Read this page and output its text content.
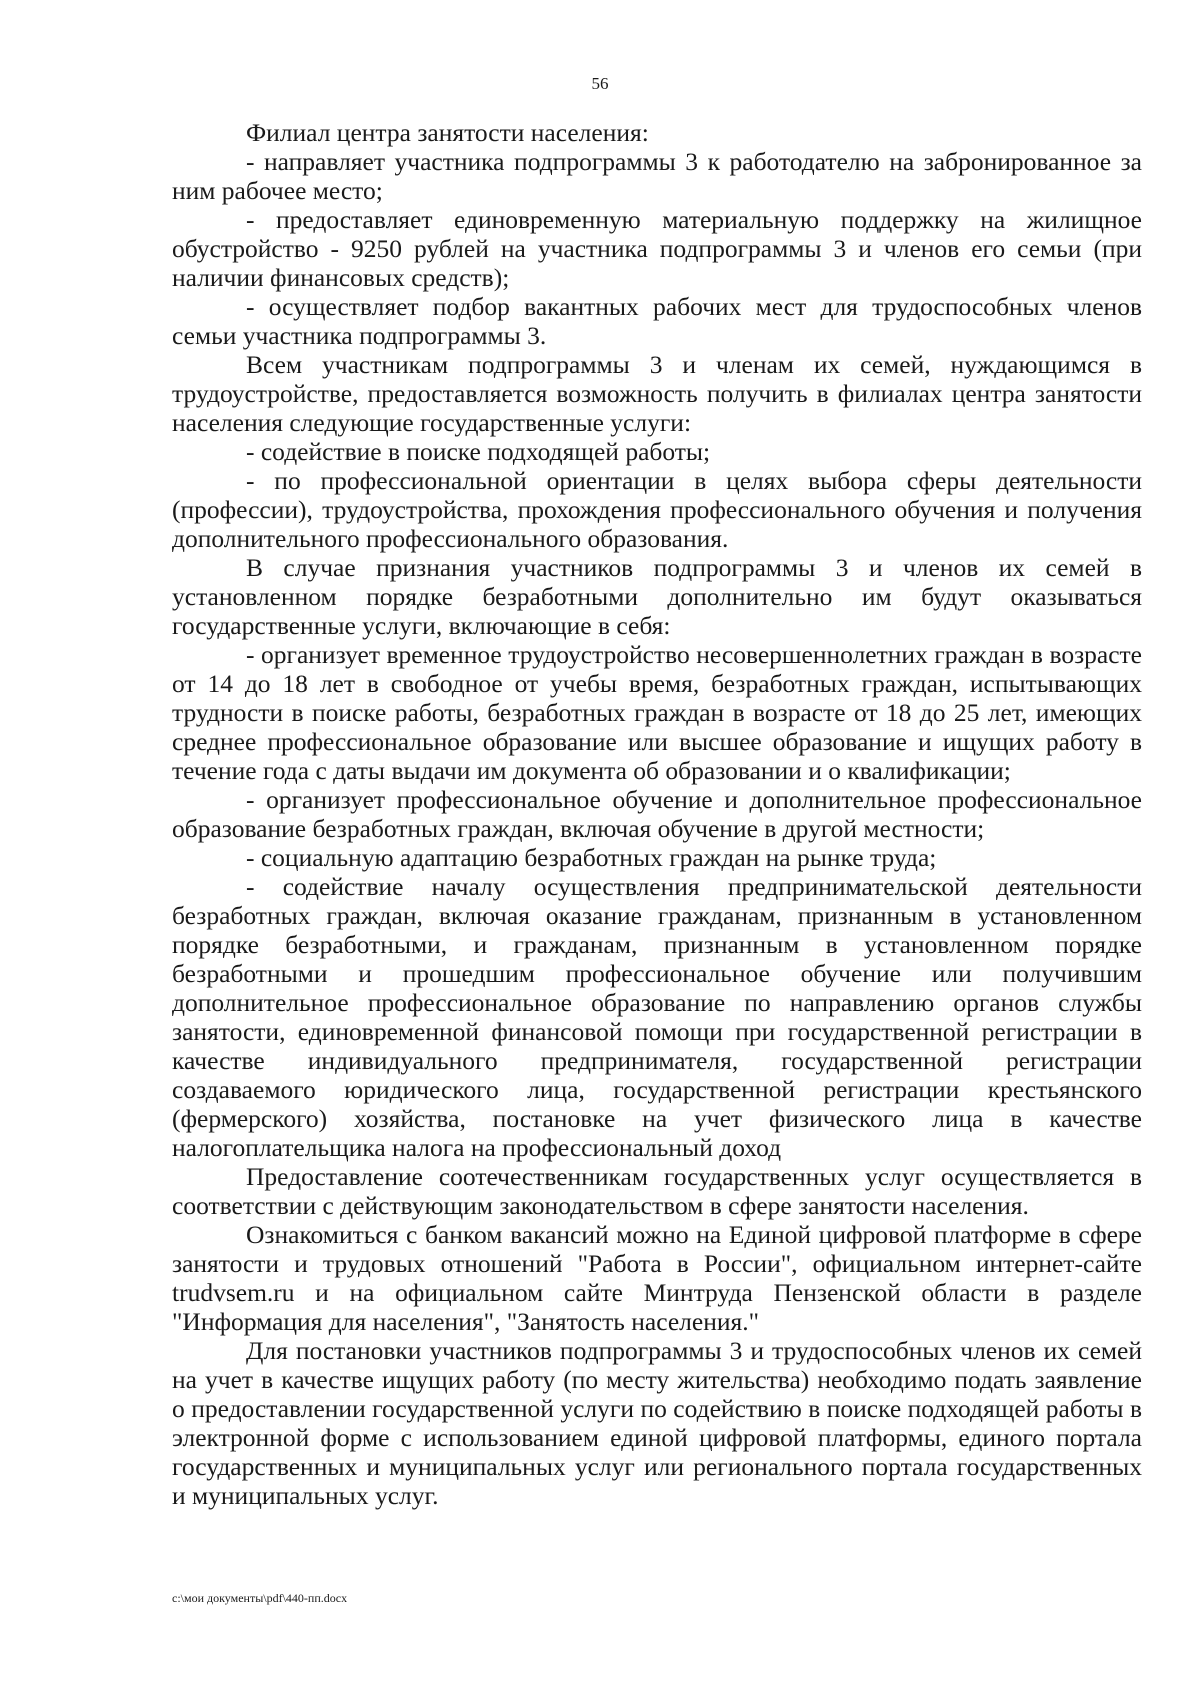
56

Филиал центра занятости населения:

- направляет участника подпрограммы 3 к работодателю на забронированное за ним рабочее место;

- предоставляет единовременную материальную поддержку на жилищное обустройство - 9250 рублей на участника подпрограммы 3 и членов его семьи (при наличии финансовых средств);

- осуществляет подбор вакантных рабочих мест для трудоспособных членов семьи участника подпрограммы 3.

Всем участникам подпрограммы 3 и членам их семей, нуждающимся в трудоустройстве, предоставляется возможность получить в филиалах центра занятости населения следующие государственные услуги:

- содействие в поиске подходящей работы;

- по профессиональной ориентации в целях выбора сферы деятельности (профессии), трудоустройства, прохождения профессионального обучения и получения дополнительного профессионального образования.

В случае признания участников подпрограммы 3 и членов их семей в установленном порядке безработными дополнительно им будут оказываться государственные услуги, включающие в себя:

- организует временное трудоустройство несовершеннолетних граждан в возрасте от 14 до 18 лет в свободное от учебы время, безработных граждан, испытывающих трудности в поиске работы, безработных граждан в возрасте от 18 до 25 лет, имеющих среднее профессиональное образование или высшее образование и ищущих работу в течение года с даты выдачи им документа об образовании и о квалификации;

- организует профессиональное обучение и дополнительное профессиональное образование безработных граждан, включая обучение в другой местности;

- социальную адаптацию безработных граждан на рынке труда;

- содействие началу осуществления предпринимательской деятельности безработных граждан, включая оказание гражданам, признанным в установленном порядке безработными, и гражданам, признанным в установленном порядке безработными и прошедшим профессиональное обучение или получившим дополнительное профессиональное образование по направлению органов службы занятости, единовременной финансовой помощи при государственной регистрации в качестве индивидуального предпринимателя, государственной регистрации создаваемого юридического лица, государственной регистрации крестьянского (фермерского) хозяйства, постановке на учет физического лица в качестве налогоплательщика налога на профессиональный доход

Предоставление соотечественникам государственных услуг осуществляется в соответствии с действующим законодательством в сфере занятости населения.

Ознакомиться с банком вакансий можно на Единой цифровой платформе в сфере занятости и трудовых отношений "Работа в России", официальном интернет-сайте trudvsem.ru и на официальном сайте Минтруда Пензенской области в разделе "Информация для населения", "Занятость населения."

Для постановки участников подпрограммы 3 и трудоспособных членов их семей на учет в качестве ищущих работу (по месту жительства) необходимо подать заявление о предоставлении государственной услуги по содействию в поиске подходящей работы в электронной форме с использованием единой цифровой платформы, единого портала государственных и муниципальных услуг или регионального портала государственных и муниципальных услуг.

c:\мои документы\pdf\440-пп.docx
